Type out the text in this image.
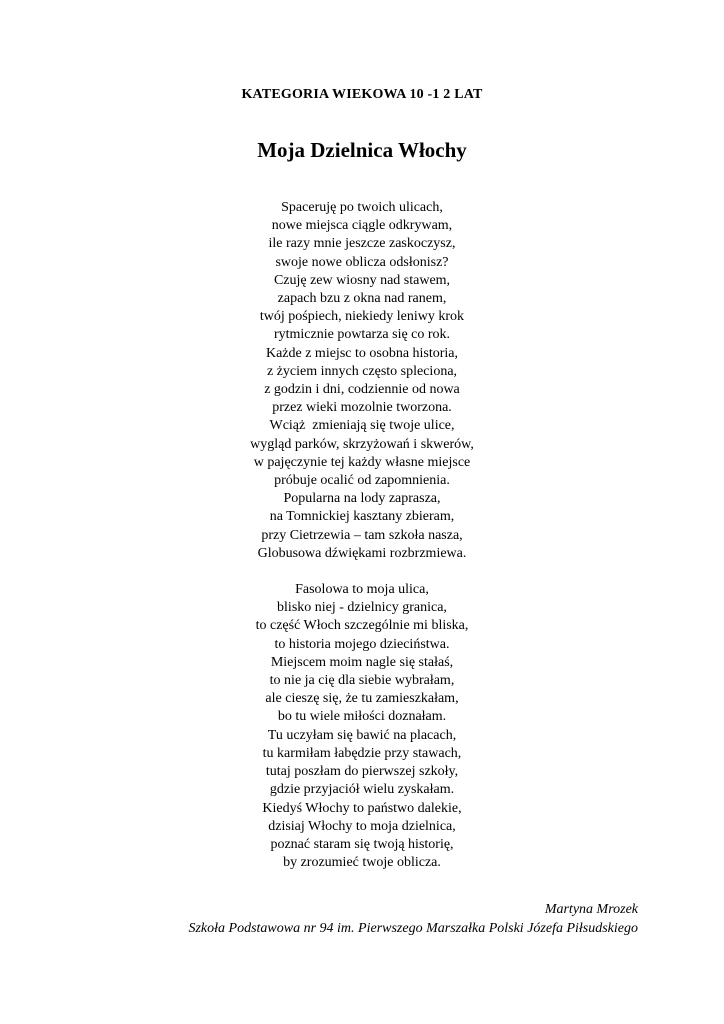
KATEGORIA WIEKOWA 10 -1 2 LAT
Moja Dzielnica Włochy
Spaceruję po twoich ulicach,
nowe miejsca ciągle odkrywam,
ile razy mnie jeszcze zaskoczysz,
swoje nowe oblicza odsłonisz?
Czuję zew wiosny nad stawem,
zapach bzu z okna nad ranem,
twój pośpiech, niekiedy leniwy krok
rytmicznie powtarza się co rok.
Każde z miejsc to osobna historia,
z życiem innych często spleciona,
z godzin i dni, codziennie od nowa
przez wieki mozolnie tworzona.
Wciąż  zmieniają się twoje ulice,
wygląd parków, skrzyżowań i skwerów,
w pajęczynie tej każdy własne miejsce
próbuje ocalić od zapomnienia.
Popularna na lody zaprasza,
na Tomnickiej kasztany zbieram,
przy Cietrzewia – tam szkoła nasza,
Globusowa dźwiękami rozbrzmiewa.
Fasolowa to moja ulica,
blisko niej - dzielnicy granica,
to część Włoch szczególnie mi bliska,
to historia mojego dzieciństwa.
Miejscem moim nagle się stałaś,
to nie ja cię dla siebie wybrałam,
ale cieszę się, że tu zamieszkałam,
bo tu wiele miłości doznałam.
Tu uczyłam się bawić na placach,
tu karmiłam łabędzie przy stawach,
tutaj poszłam do pierwszej szkoły,
gdzie przyjaciół wielu zyskałam.
Kiedyś Włochy to państwo dalekie,
dzisiaj Włochy to moja dzielnica,
poznać staram się twoją historię,
by zrozumieć twoje oblicza.
Martyna Mrozek
Szkoła Podstawowa nr 94 im. Pierwszego Marszałka Polski Józefa Piłsudskiego
